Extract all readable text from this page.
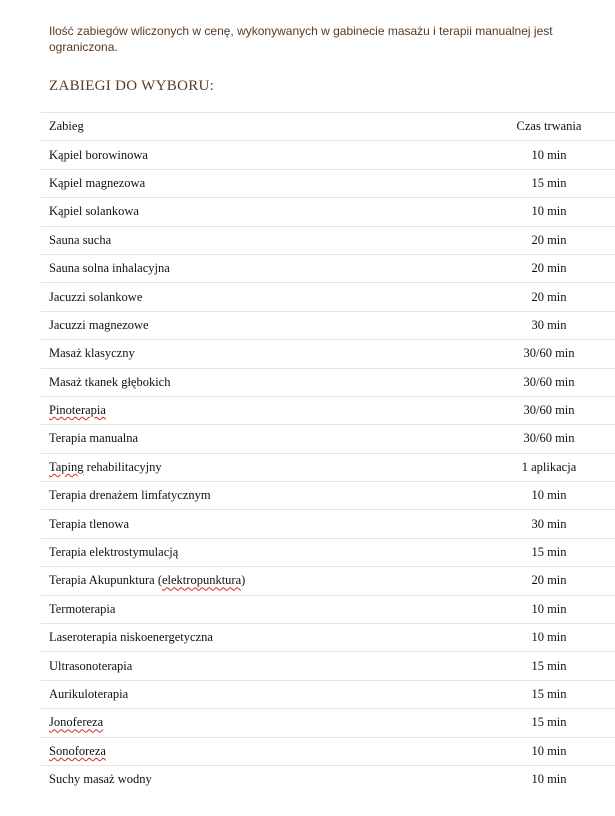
Ilość zabiegów wliczonych w cenę, wykonywanych w gabinecie masażu i terapii manualnej jest ograniczona.

ZABIEGI DO WYBORU:
Zabieg	Czas trwania
Kąpiel borowinowa	10 min
Kąpiel magnezowa	15 min
Kąpiel solankowa	10 min
Sauna sucha	20 min
Sauna solna inhalacyjna	20 min
Jacuzzi solankowe	20 min
Jacuzzi magnezowe	30 min
Masaż klasyczny	30/60 min
Masaż tkanek głębokich	30/60 min
Pinoterapia	30/60 min
Terapia manualna	30/60 min
Taping rehabilitacyjny	1 aplikacja
Terapia drenażem limfatycznym	10 min
Terapia tlenowa	30 min
Terapia elektrostymulacją	15 min
Terapia Akupunktura (elektropunktura)	20 min
Termoterapia	10 min
Laseroterapia niskoenergetyczna	10 min
Ultrasonoterapia	15 min
Aurikuloterapia	15 min
Jonofereza	15 min
Sonoforeza	10 min
Suchy masaż wodny	10 min
